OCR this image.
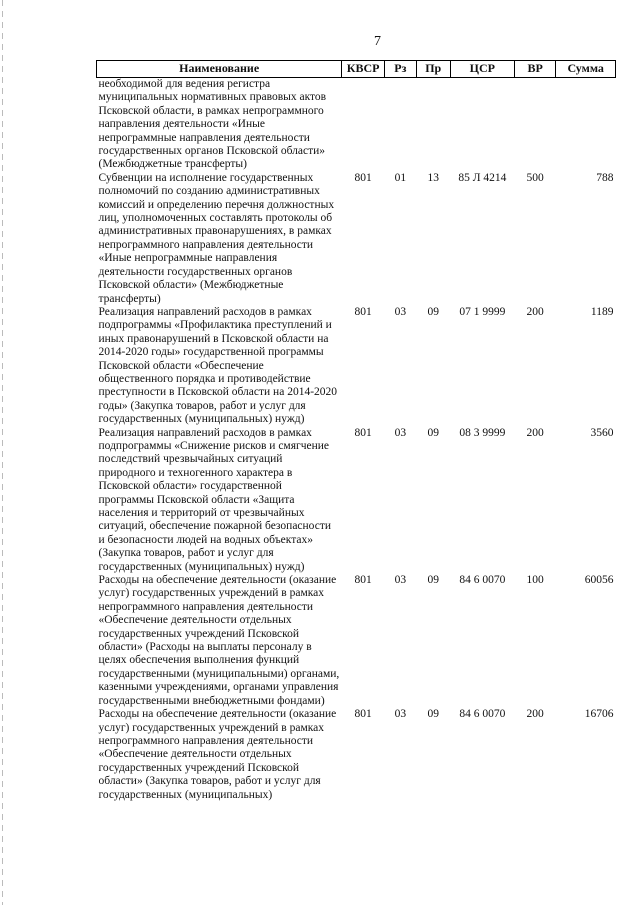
7
Наименование	КВСР	Рз	Пр	ЦСР	ВР	Сумма
необходимой для ведения регистра муниципальных нормативных правовых актов Псковской области, в рамках непрограммного направления деятельности «Иные непрограммные направления деятельности государственных органов Псковской области» (Межбюджетные трансферты)						
Субвенции на исполнение государственных полномочий по созданию административных комиссий и определению перечня должностных лиц, уполномоченных составлять протоколы об административных правонарушениях, в рамках непрограммного направления деятельности «Иные непрограммные направления деятельности государственных органов Псковской области» (Межбюджетные трансферты)	801	01	13	85 Л 4214	500	788
Реализация направлений расходов в рамках подпрограммы «Профилактика преступлений и иных правонарушений в Псковской области на 2014-2020 годы» государственной программы Псковской области «Обеспечение общественного порядка и противодействие преступности в Псковской области на 2014-2020 годы» (Закупка товаров, работ и услуг для государственных (муниципальных) нужд)	801	03	09	07 1 9999	200	1189
Реализация направлений расходов в рамках подпрограммы «Снижение рисков и смягчение последствий чрезвычайных ситуаций природного и техногенного характера в Псковской области» государственной программы Псковской области «Защита населения и территорий от чрезвычайных ситуаций, обеспечение пожарной безопасности и безопасности людей на водных объектах» (Закупка товаров, работ и услуг для государственных (муниципальных) нужд)	801	03	09	08 3 9999	200	3560
Расходы на обеспечение деятельности (оказание услуг) государственных учреждений в рамках непрограммного направления деятельности «Обеспечение деятельности отдельных государственных учреждений Псковской области» (Расходы на выплаты персоналу в целях обеспечения выполнения функций государственными (муниципальными) органами, казенными учреждениями, органами управления государственными внебюджетными фондами)	801	03	09	84 6 0070	100	60056
Расходы на обеспечение деятельности (оказание услуг) государственных учреждений в рамках непрограммного направления деятельности «Обеспечение деятельности отдельных государственных учреждений Псковской области» (Закупка товаров, работ и услуг для государственных (муниципальных)	801	03	09	84 6 0070	200	16706
